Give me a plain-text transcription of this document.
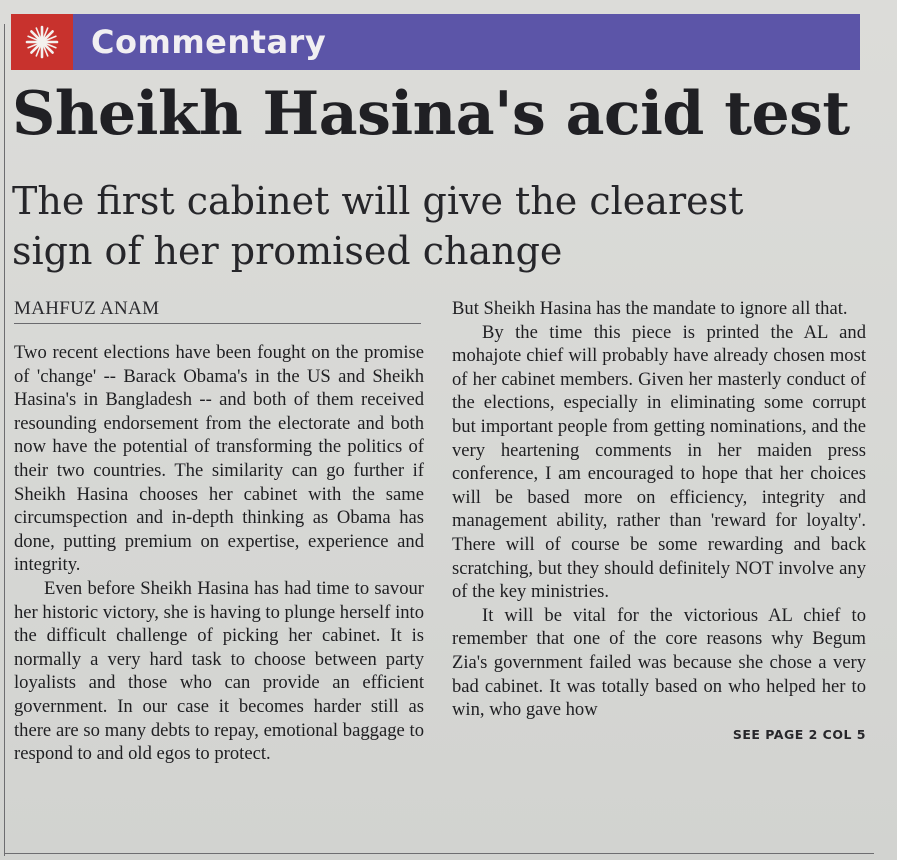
Commentary
Sheikh Hasina's acid test
The first cabinet will give the clearest
sign of her promised change
MAHFUZ ANAM

Two recent elections have been fought on the promise of 'change' -- Barack Obama's in the US and Sheikh Hasina's in Bangladesh -- and both of them received resounding endorsement from the electorate and both now have the potential of transforming the politics of their two countries. The similarity can go further if Sheikh Hasina chooses her cabinet with the same circumspection and in-depth thinking as Obama has done, putting premium on expertise, experience and integrity.

Even before Sheikh Hasina has had time to savour her historic victory, she is having to plunge herself into the difficult challenge of picking her cabinet. It is normally a very hard task to choose between party loyalists and those who can provide an efficient government. In our case it becomes harder still as there are so many debts to repay, emotional baggage to respond to and old egos to protect.

But Sheikh Hasina has the mandate to ignore all that.

By the time this piece is printed the AL and mohajote chief will probably have already chosen most of her cabinet members. Given her masterly conduct of the elections, especially in eliminating some corrupt but important people from getting nominations, and the very heartening comments in her maiden press conference, I am encouraged to hope that her choices will be based more on efficiency, integrity and management ability, rather than 'reward for loyalty'. There will of course be some rewarding and back scratching, but they should definitely NOT involve any of the key ministries.

It will be vital for the victorious AL chief to remember that one of the core reasons why Begum Zia's government failed was because she chose a very bad cabinet. It was totally based on who helped her to win, who gave how

SEE PAGE 2 COL 5
